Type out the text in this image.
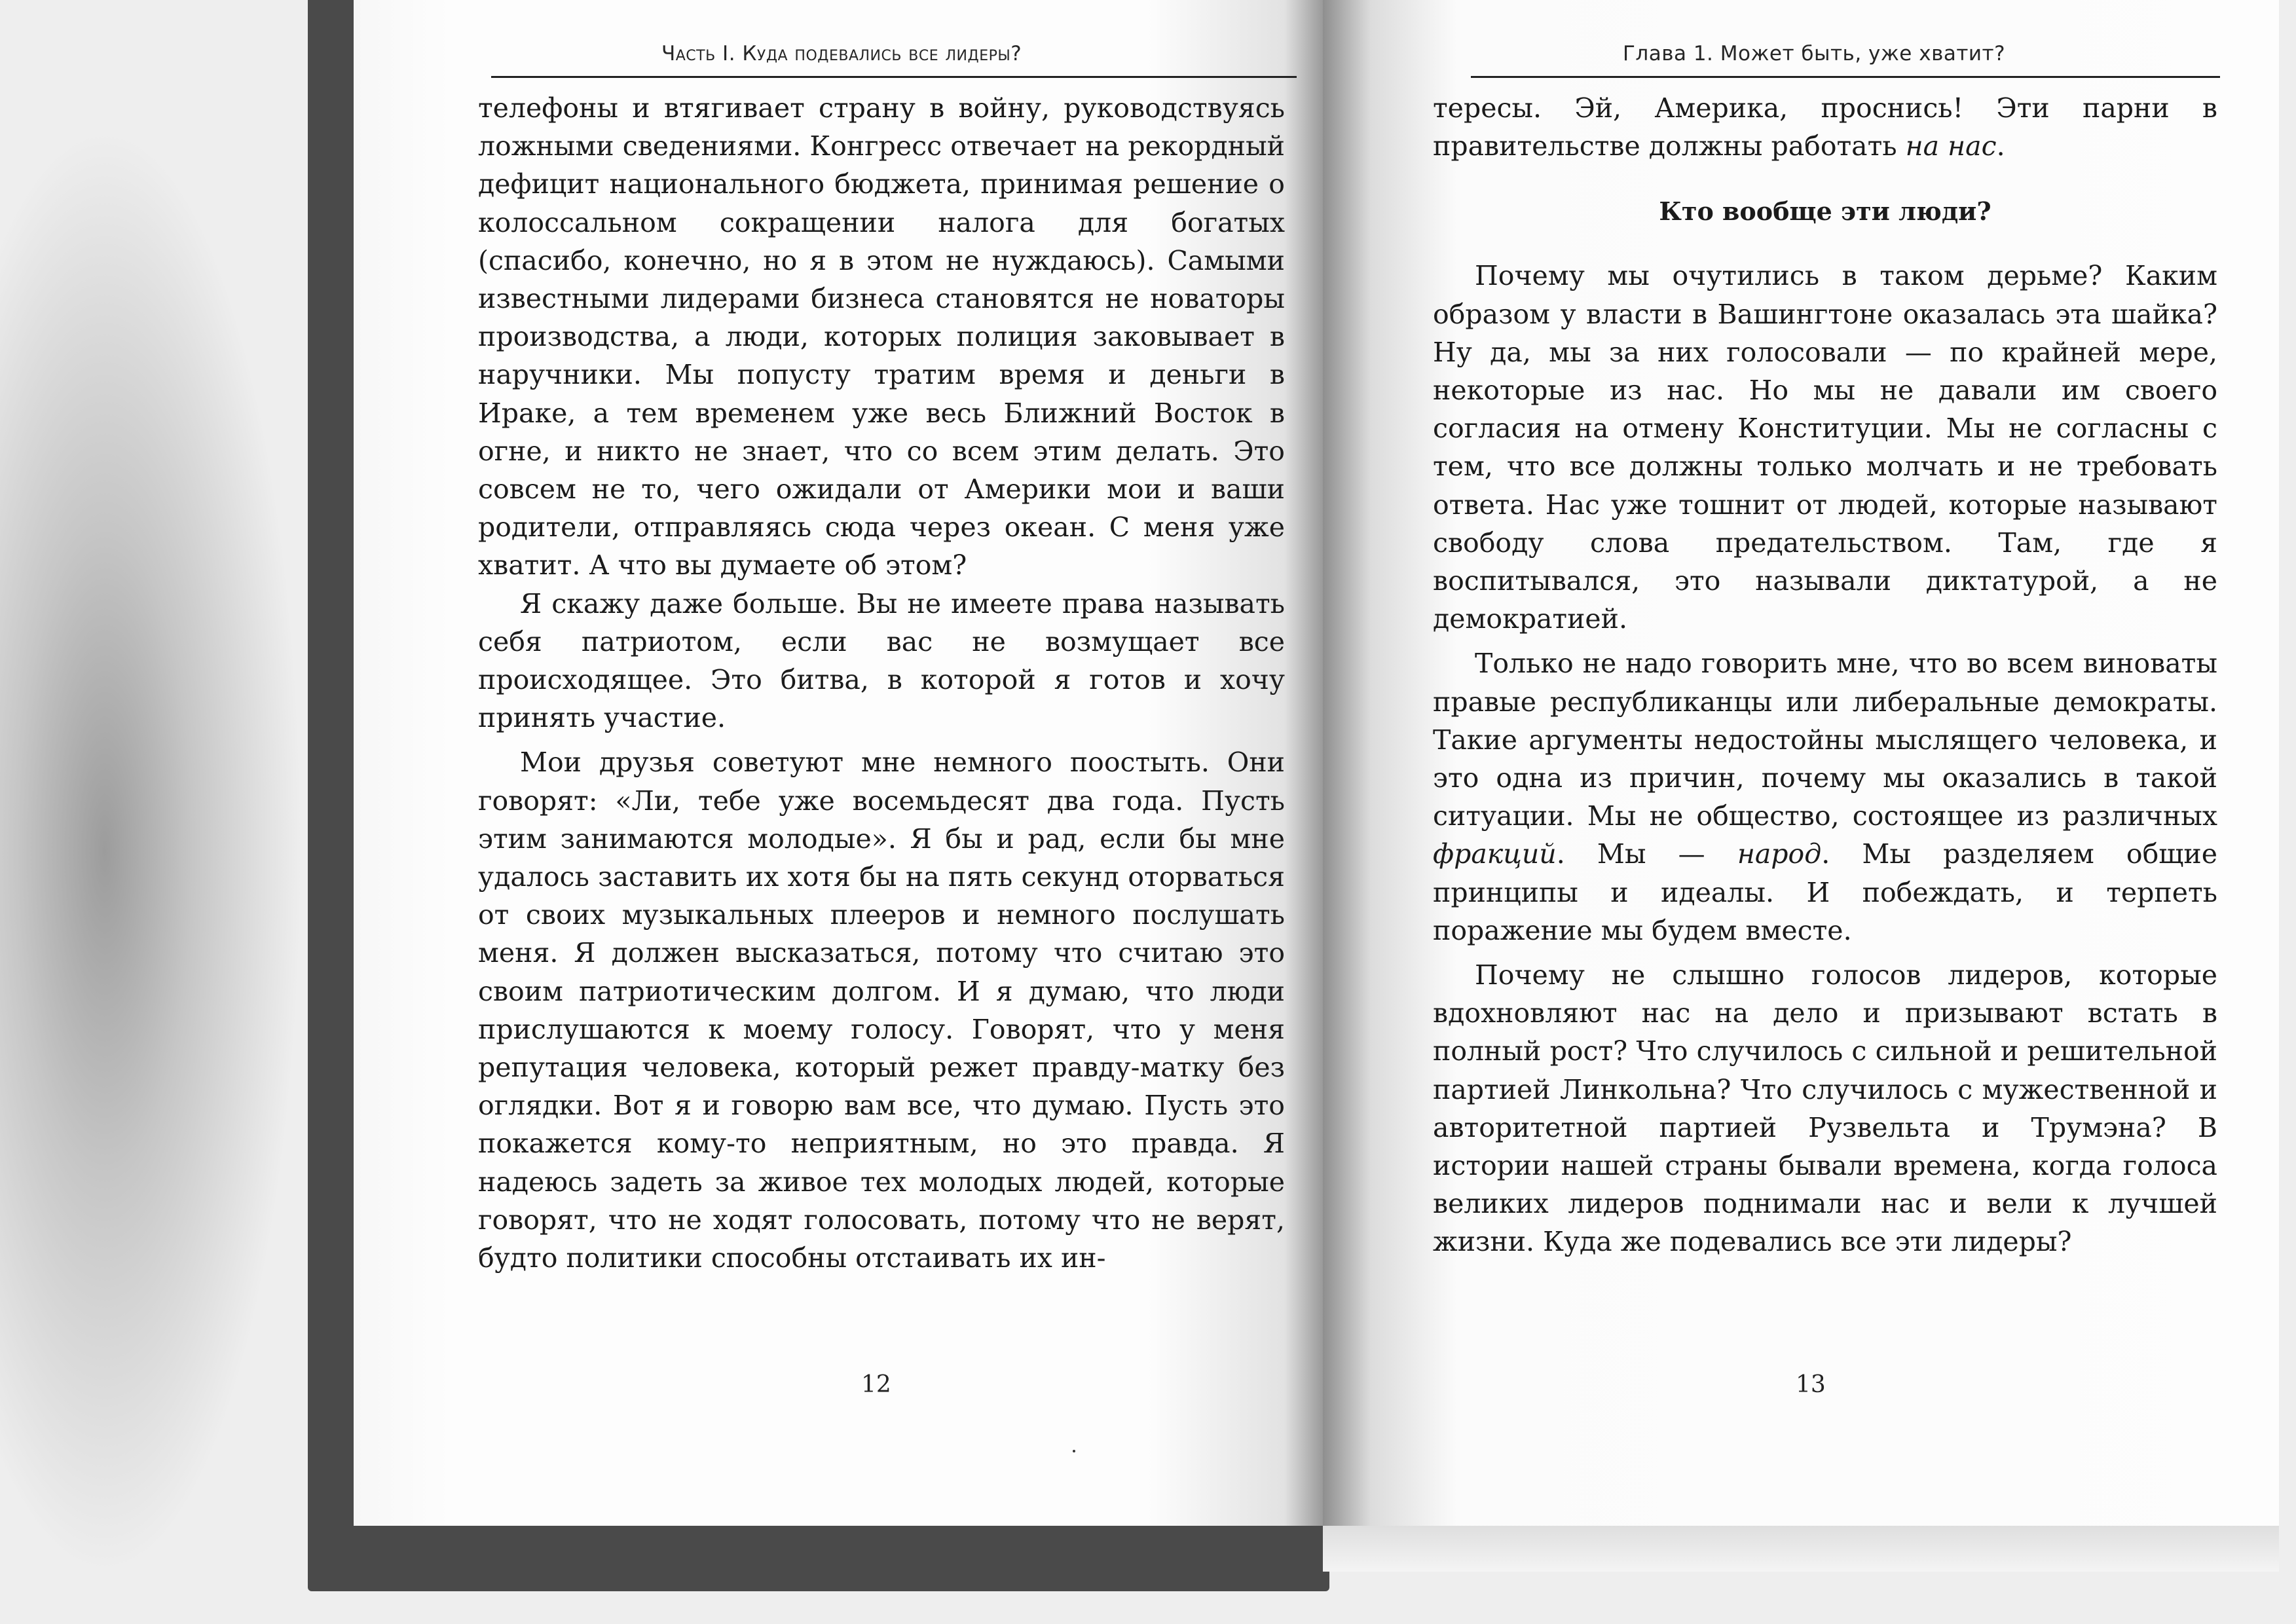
Часть I. Куда подевались все лидеры?

телефоны и втягивает страну в войну, руководствуясь ложными сведениями. Конгресс отвечает на рекордный дефицит национального бюджета, принимая решение о колоссальном сокращении налога для богатых (спасибо, конечно, но я в этом не нуждаюсь). Самыми известными лидерами бизнеса становятся не новаторы производства, а люди, которых полиция заковывает в наручники. Мы попусту тратим время и деньги в Ираке, а тем временем уже весь Ближний Восток в огне, и никто не знает, что со всем этим делать. Это совсем не то, чего ожидали от Америки мои и ваши родители, отправляясь сюда через океан. С меня уже хватит. А что вы думаете об этом?

Я скажу даже больше. Вы не имеете права называть себя патриотом, если вас не возмущает все происходящее. Это битва, в которой я готов и хочу принять участие.

Мои друзья советуют мне немного поостыть. Они говорят: «Ли, тебе уже восемьдесят два года. Пусть этим занимаются молодые». Я бы и рад, если бы мне удалось заставить их хотя бы на пять секунд оторваться от своих музыкальных плееров и немного послушать меня. Я должен высказаться, потому что считаю это своим патриотическим долгом. И я думаю, что люди прислушаются к моему голосу. Говорят, что у меня репутация человека, который режет правду-матку без оглядки. Вот я и говорю вам все, что думаю. Пусть это покажется кому-то неприятным, но это правда. Я надеюсь задеть за живое тех молодых людей, которые говорят, что не ходят голосовать, потому что не верят, будто политики способны отстаивать их ин-

12
Глава 1. Может быть, уже хватит?

тересы. Эй, Америка, проснись! Эти парни в правительстве должны работать на нас.

Кто вообще эти люди?

Почему мы очутились в таком дерьме? Каким образом у власти в Вашингтоне оказалась эта шайка? Ну да, мы за них голосовали — по крайней мере, некоторые из нас. Но мы не давали им своего согласия на отмену Конституции. Мы не согласны с тем, что все должны только молчать и не требовать ответа. Нас уже тошнит от людей, которые называют свободу слова предательством. Там, где я воспитывался, это называли диктатурой, а не демократией.

Только не надо говорить мне, что во всем виноваты правые республиканцы или либеральные демократы. Такие аргументы недостойны мыслящего человека, и это одна из причин, почему мы оказались в такой ситуации. Мы не общество, состоящее из различных фракций. Мы — народ. Мы разделяем общие принципы и идеалы. И побеждать, и терпеть поражение мы будем вместе.

Почему не слышно голосов лидеров, которые вдохновляют нас на дело и призывают встать в полный рост? Что случилось с сильной и решительной партией Линкольна? Что случилось с мужественной и авторитетной партией Рузвельта и Трумэна? В истории нашей страны бывали времена, когда голоса великих лидеров поднимали нас и вели к лучшей жизни. Куда же подевались все эти лидеры?

13
